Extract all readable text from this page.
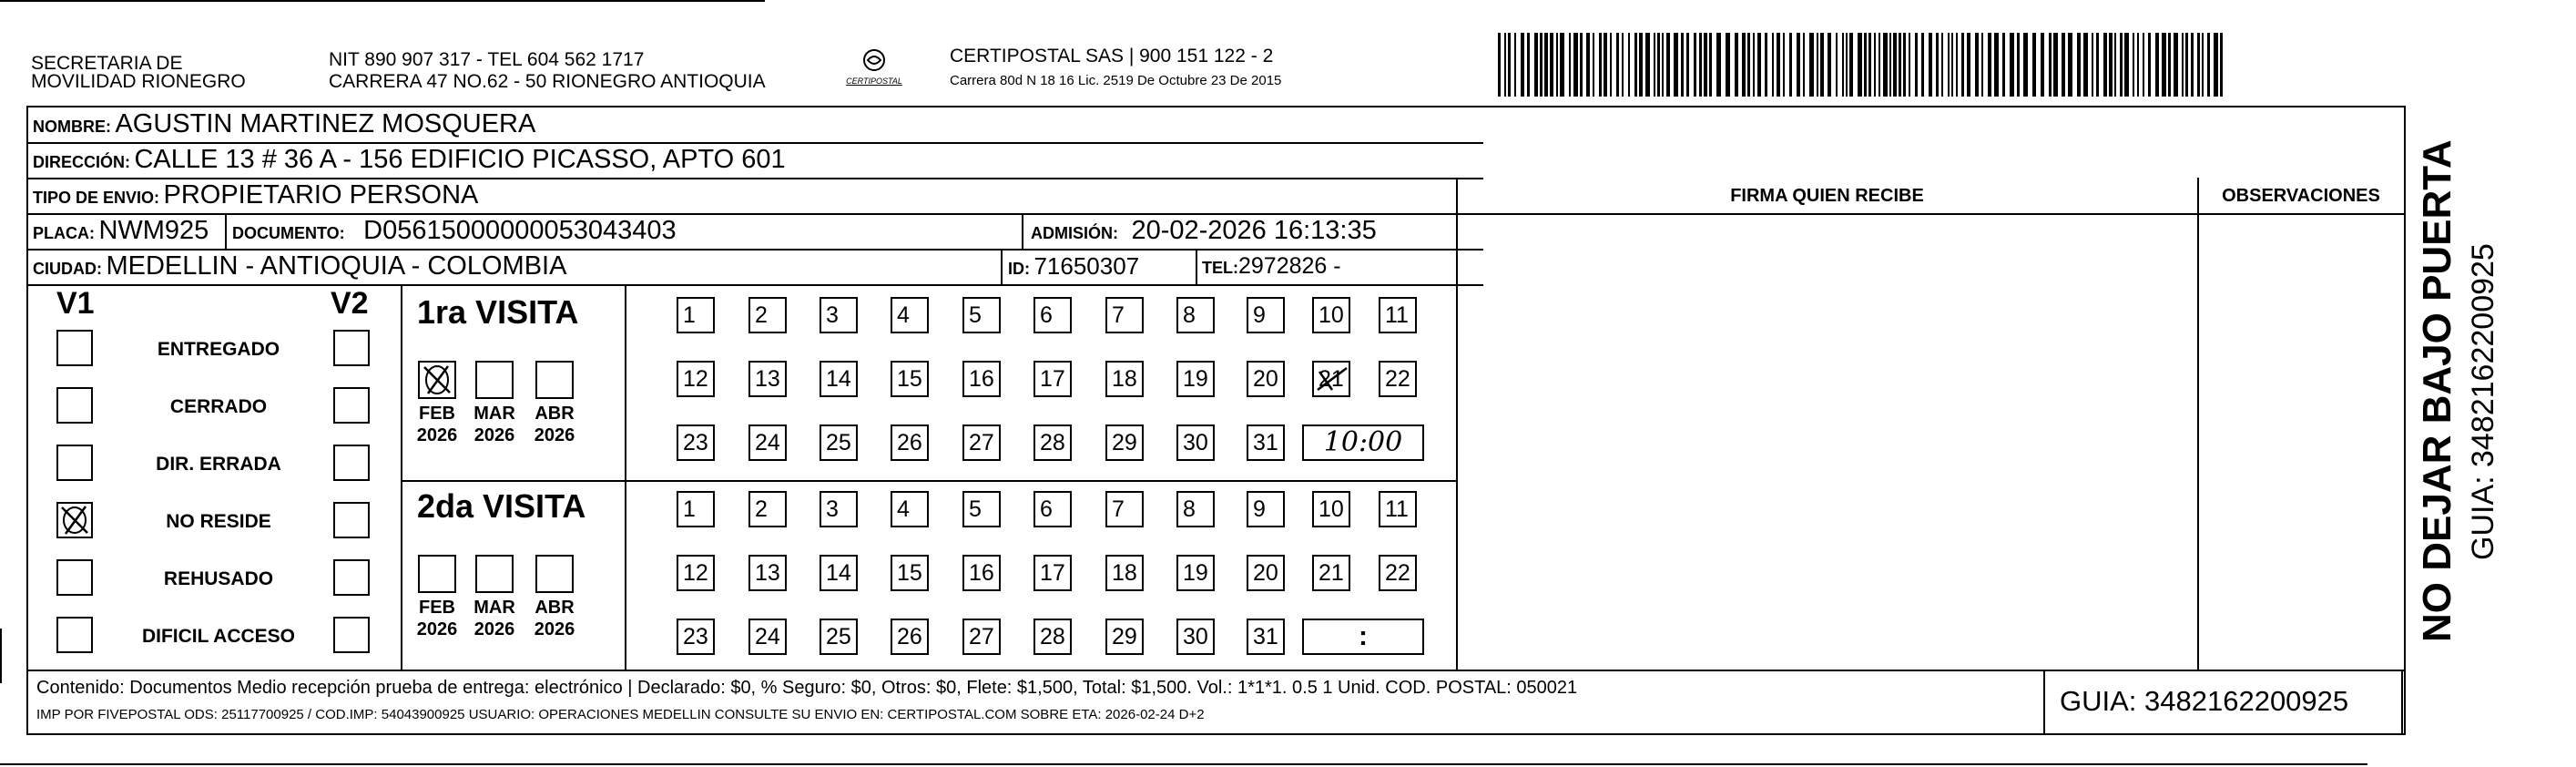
SECRETARIA DE
MOVILIDAD RIONEGRO
NIT 890 907 317 - TEL 604 562 1717
CARRERA 47 NO.62 - 50 RIONEGRO ANTIOQUIA	CERTIPOSTAL
CERTIPOSTAL SAS | 900 151 122 - 2
Carrera 80d N 18 16 Lic. 2519 De Octubre 23 De 2015
NOMBRE: AGUSTIN MARTINEZ MOSQUERA
DIRECCIÓN: CALLE 13 # 36 A - 156 EDIFICIO PICASSO, APTO 601
TIPO DE ENVIO: PROPIETARIO PERSONA	FIRMA QUIEN RECIBE	OBSERVACIONES
PLACA: NWM925 DOCUMENTO: D05615000000053043403	ADMISIÓN: 20-02-2026 16:13:35
CIUDAD: MEDELLIN - ANTIOQUIA - COLOMBIA	ID: 71650307	TEL:2972826 -
V1	V2
ENTREGADO
CERRADO
DIR. ERRADA
NO RESIDE
REHUSADO
DIFICIL ACCESO
1ra VISITA
FEB
2026
MAR
2026
ABR
2026
1	2	3	4	5	6	7	8	9	10 11
12 13 14 15 16 17 18 19 20 21 22
23 24 25 26 27 28 29 30 31	10:00
2da VISITA
FEB
2026
MAR
2026
ABR
2026
1	2	3	4	5	6	7	8	9	10 11
12 13 14 15 16 17 18 19 20 21 22
23 24 25 26 27 28 29 30 31	:
Contenido: Documentos Medio recepción prueba de entrega: electrónico | Declarado: $0, % Seguro: $0, Otros: $0, Flete: $1,500, Total: $1,500. Vol.: 1*1*1. 0.5 1 Unid. COD. POSTAL: 050021
IMP POR FIVEPOSTAL ODS: 25117700925 / COD.IMP: 54043900925 USUARIO: OPERACIONES MEDELLIN CONSULTE SU ENVIO EN: CERTIPOSTAL.COM SOBRE ETA: 2026-02-24 D+2	GUIA: 3482162200925
NO DEJAR BAJO PUERTA GUIA: 3482162200925
